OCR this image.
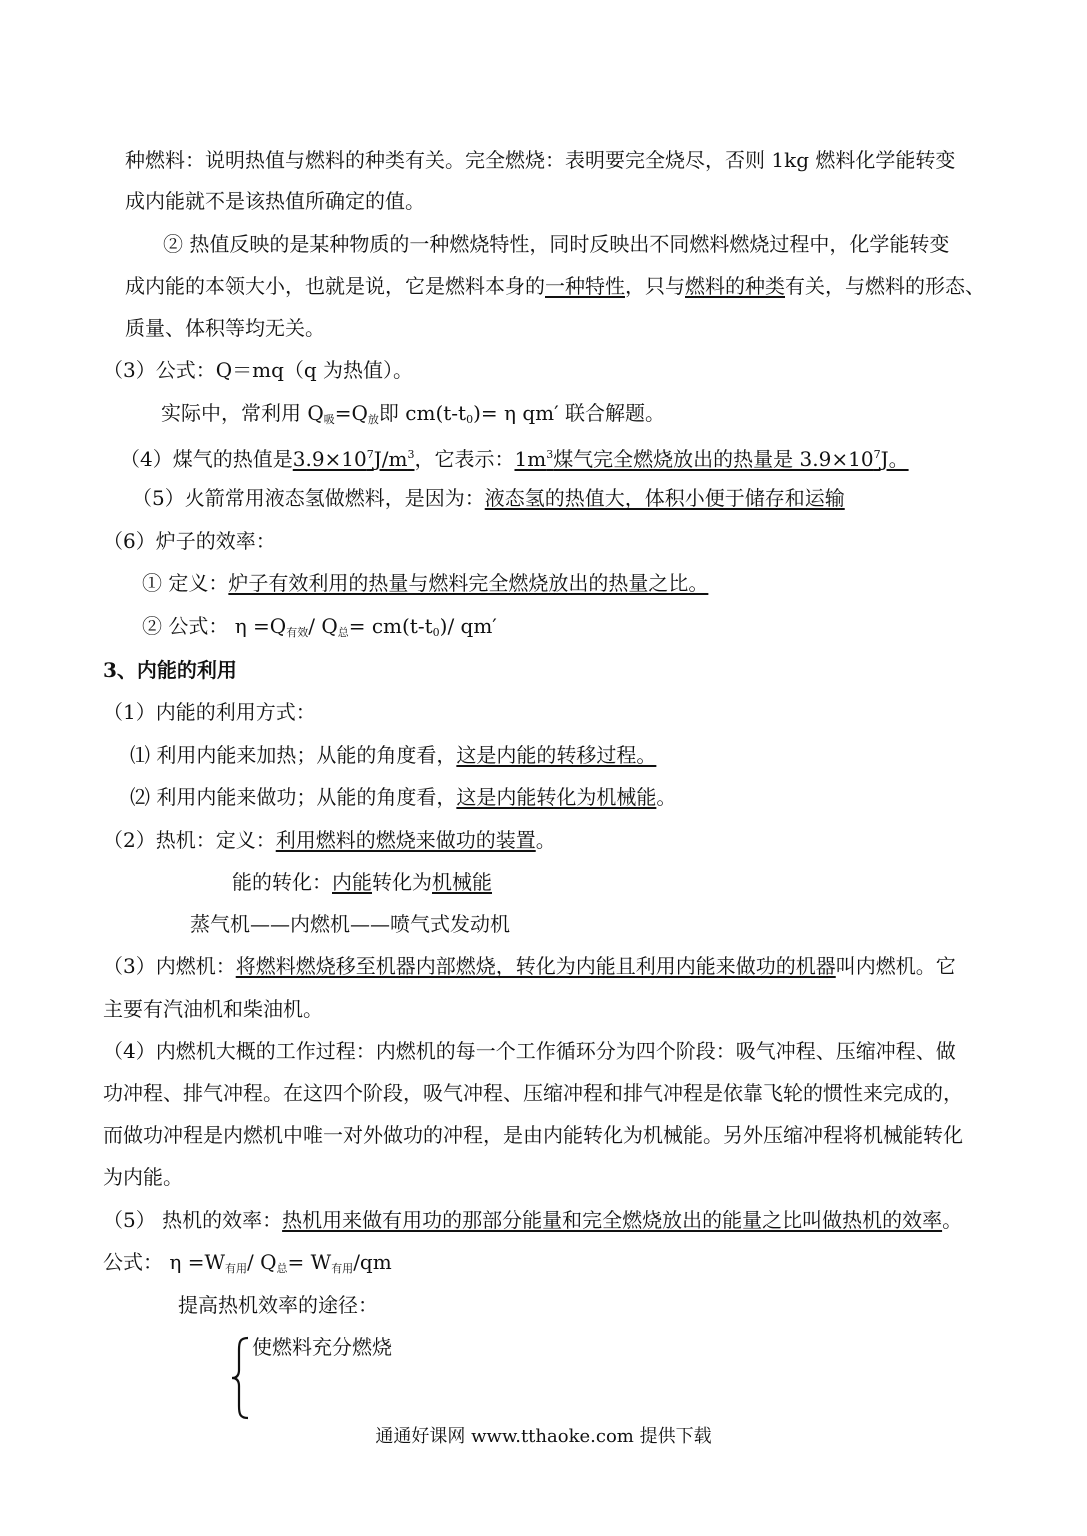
种燃料：说明热值与燃料的种类有关。完全燃烧：表明要完全烧尽，否则 1kg 燃料化学能转变
成内能就不是该热值所确定的值。
② 热值反映的是某种物质的一种燃烧特性，同时反映出不同燃料燃烧过程中，化学能转变
成内能的本领大小，也就是说，它是燃料本身的一种特性，只与燃料的种类有关，与燃料的形态、
质量、体积等均无关。
（3）公式：Q＝mq（q 为热值）。
实际中，常利用 $Q_吸=Q_放$即 $cm(t-t_0)= \eta$ qm′ 联合解题。
（4）煤气的热值是$3.9\times 10^7J/m^3$，它表示：$1m^3$煤气完全燃烧放出的热量是 $3.9\times 10^7J$。
（5）火箭常用液态氢做燃料，是因为：液态氢的热值大，体积小便于储存和运输
（6）炉子的效率：
① 定义：炉子有效利用的热量与燃料完全燃烧放出的热量之比。
② 公式： $\eta =Q_{有效}/$ $Q_总= cm(t-t_0)/$ qm′
3、内能的利用
（1）内能的利用方式：
⑴ 利用内能来加热；从能的角度看，这是内能的转移过程。
⑵ 利用内能来做功；从能的角度看，这是内能转化为机械能。
（2）热机：定义：利用燃料的燃烧来做功的装置。
能的转化：内能转化为机械能
蒸气机——内燃机——喷气式发动机
（3）内燃机：将燃料燃烧移至机器内部燃烧，转化为内能且利用内能来做功的机器叫内燃机。它
主要有汽油机和柴油机。
（4）内燃机大概的工作过程：内燃机的每一个工作循环分为四个阶段：吸气冲程、压缩冲程、做
功冲程、排气冲程。在这四个阶段，吸气冲程、压缩冲程和排气冲程是依靠飞轮的惯性来完成的，
而做功冲程是内燃机中唯一对外做功的冲程，是由内能转化为机械能。另外压缩冲程将机械能转化
为内能。
（5） 热机的效率：热机用来做有用功的那部分能量和完全燃烧放出的能量之比叫做热机的效率。
公式： $\eta =W_{有用}/$ $Q_总= W_{有用}/qm$
提高热机效率的途径：
使燃料充分燃烧
通通好课网 www.tthaoke.com 提供下载
